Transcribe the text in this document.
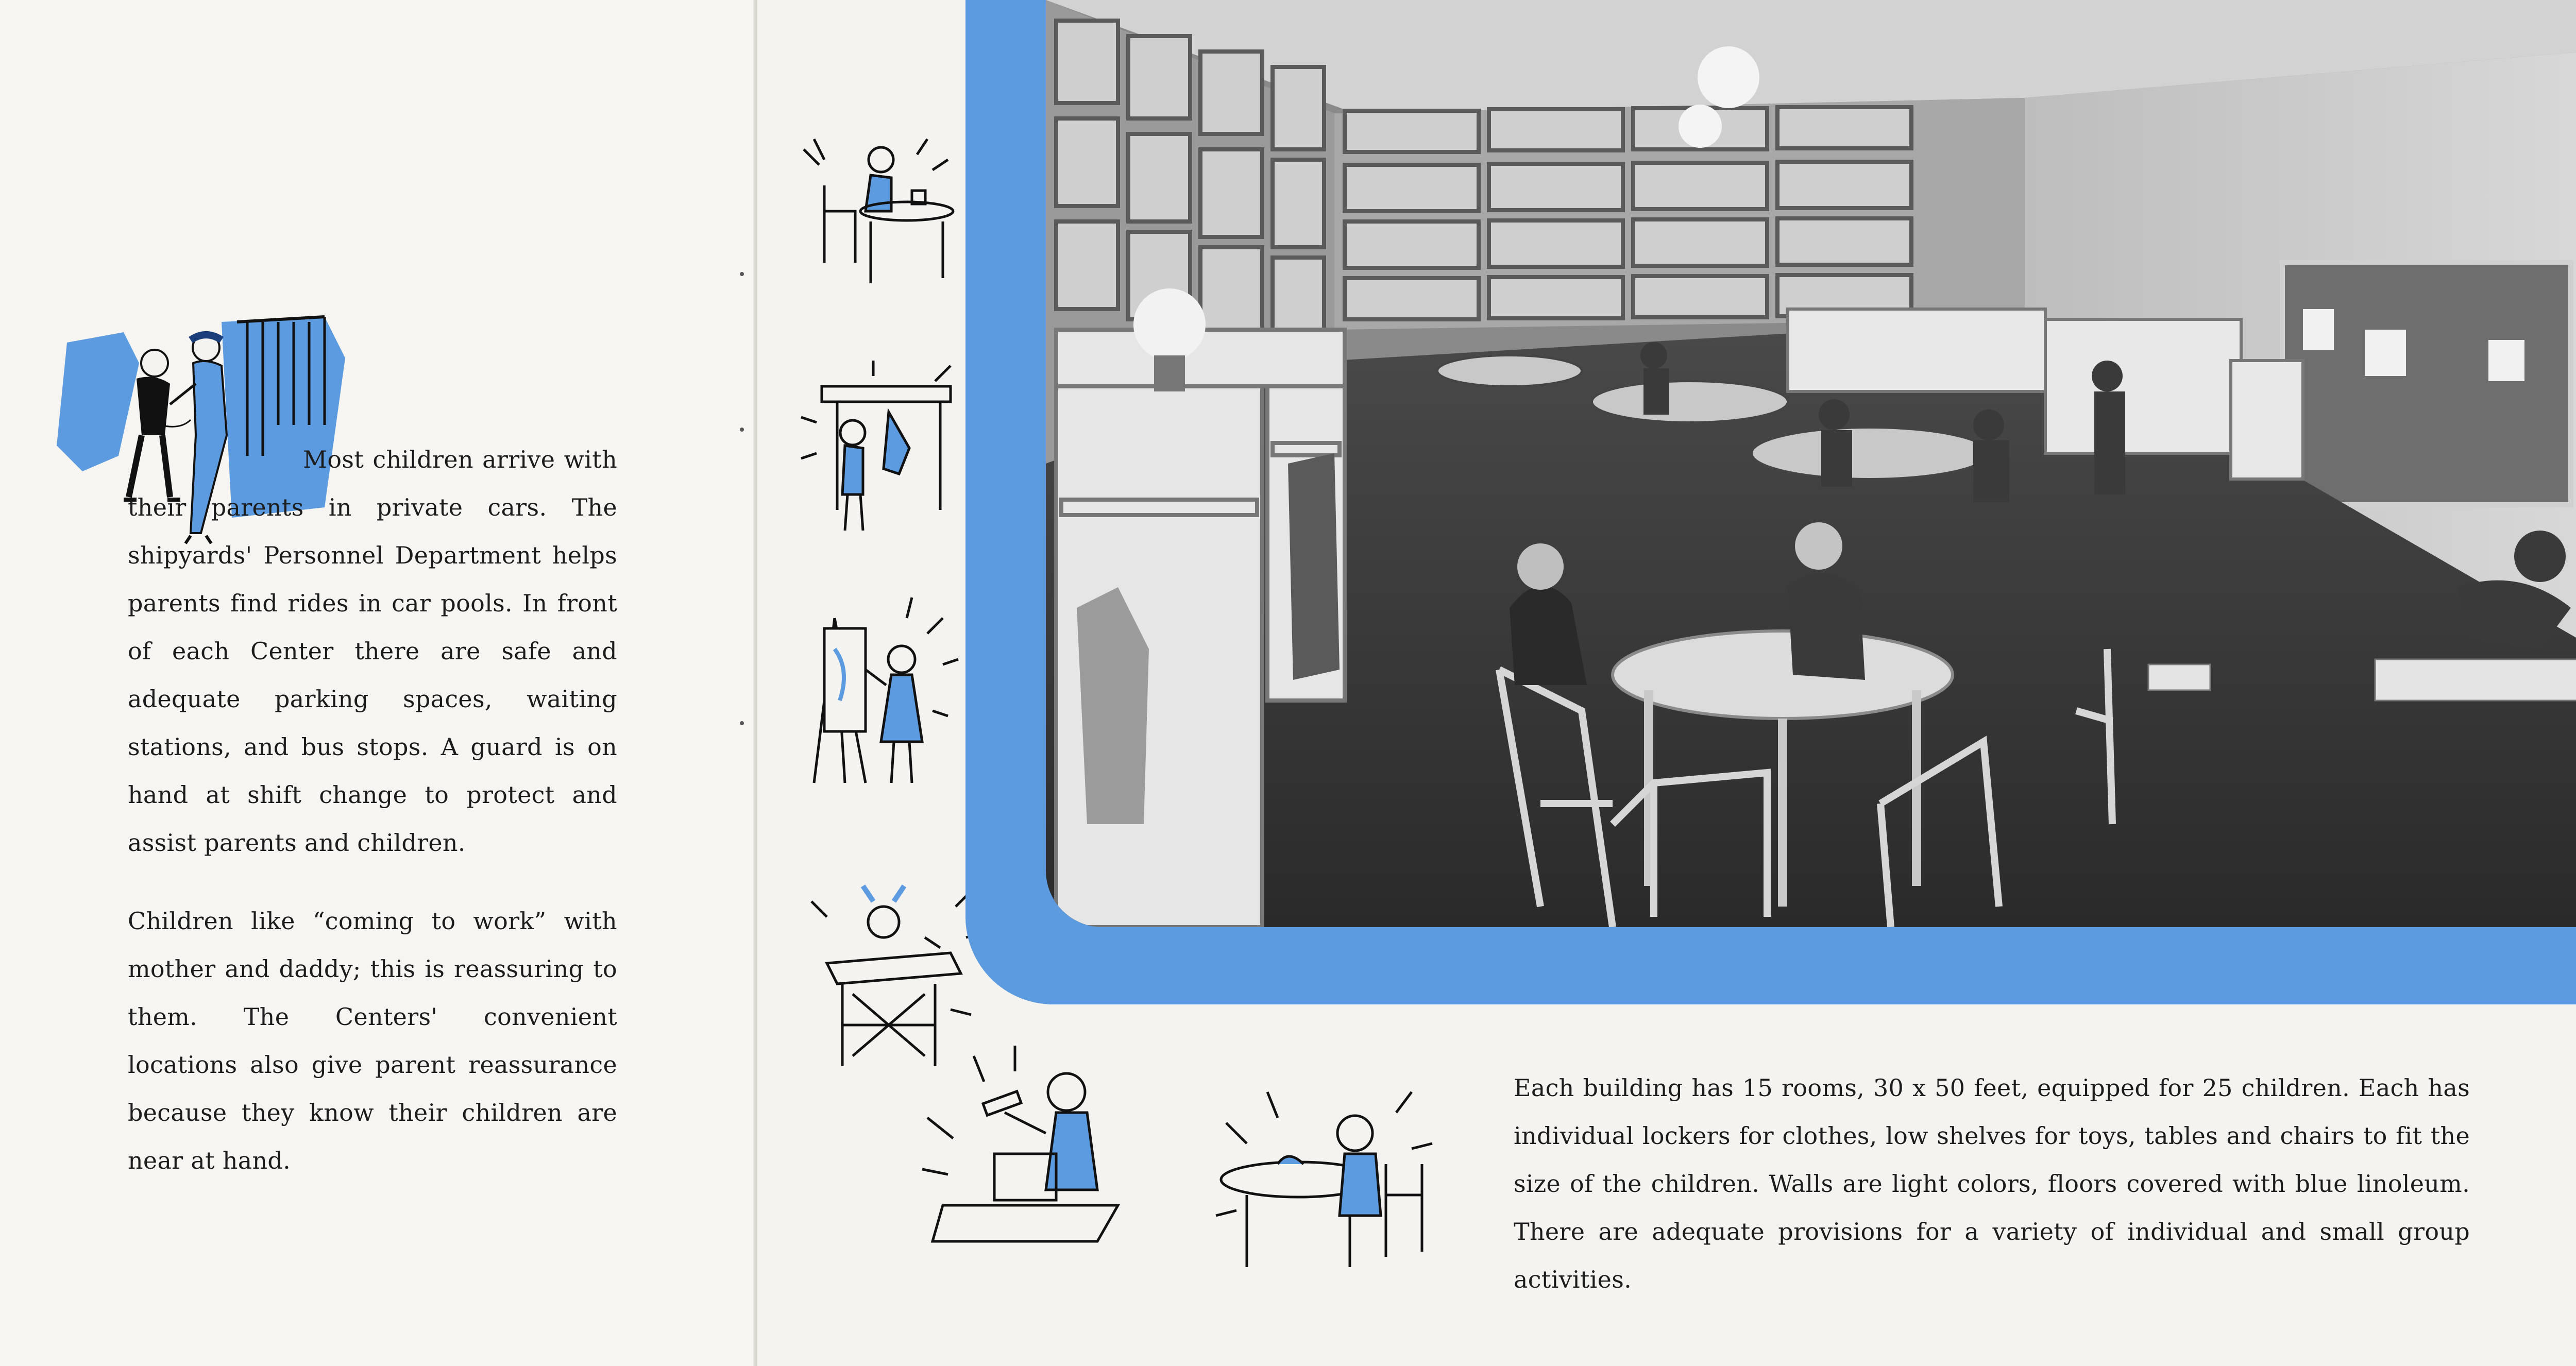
Most children arrive with their parents in private cars. The shipyards' Personnel Department helps parents find rides in car pools. In front of each Center there are safe and adequate parking spaces, waiting stations, and bus stops. A guard is on hand at shift change to protect and assist parents and children.

Children like “coming to work” with mother and daddy; this is reassuring to them. The Centers' convenient locations also give parent reassurance because they know their children are near at hand.

Each building has 15 rooms, 30 x 50 feet, equipped for 25 children. Each has individual lockers for clothes, low shelves for toys, tables and chairs to fit the size of the children. Walls are light colors, floors covered with blue linoleum. There are adequate provisions for a variety of individual and small group activities.
